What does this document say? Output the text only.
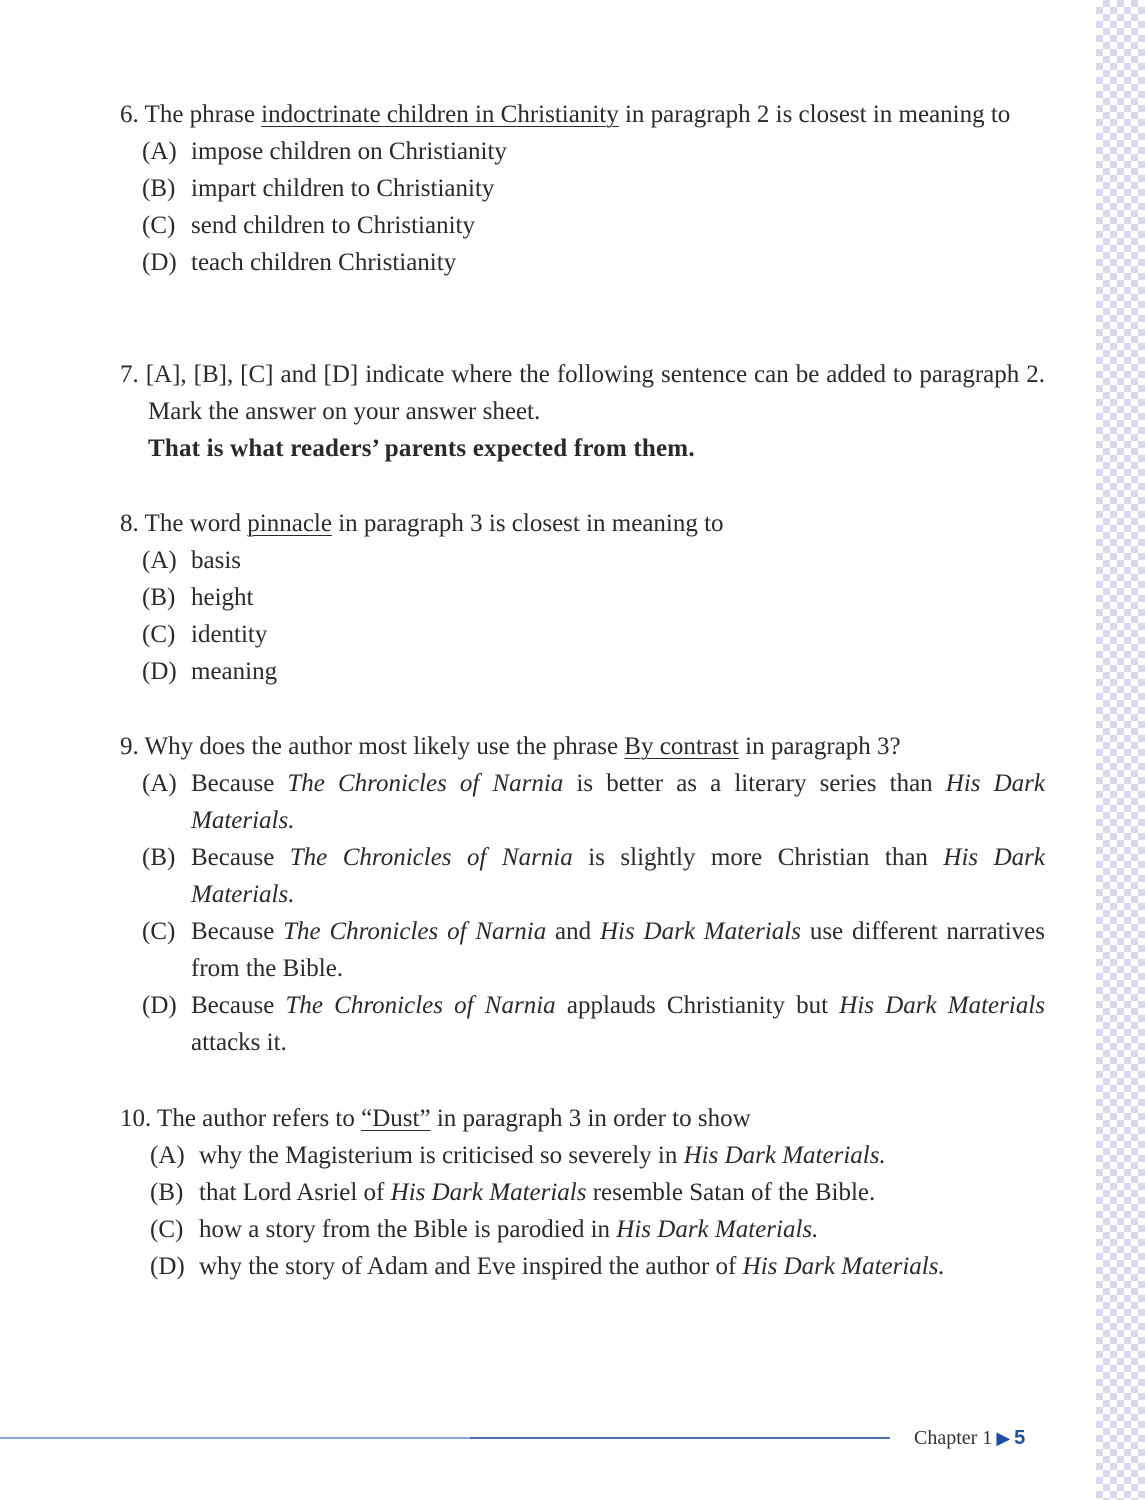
6. The phrase indoctrinate children in Christianity in paragraph 2 is closest in meaning to
(A) impose children on Christianity
(B) impart children to Christianity
(C) send children to Christianity
(D) teach children Christianity
7. [A], [B], [C] and [D] indicate where the following sentence can be added to paragraph 2. Mark the answer on your answer sheet.
That is what readers’ parents expected from them.
8. The word pinnacle in paragraph 3 is closest in meaning to
(A) basis
(B) height
(C) identity
(D) meaning
9. Why does the author most likely use the phrase By contrast in paragraph 3?
(A) Because The Chronicles of Narnia is better as a literary series than His Dark Materials.
(B) Because The Chronicles of Narnia is slightly more Christian than His Dark Materials.
(C) Because The Chronicles of Narnia and His Dark Materials use different narratives from the Bible.
(D) Because The Chronicles of Narnia applauds Christianity but His Dark Materials attacks it.
10. The author refers to “Dust” in paragraph 3 in order to show
(A) why the Magisterium is criticised so severely in His Dark Materials.
(B) that Lord Asriel of His Dark Materials resemble Satan of the Bible.
(C) how a story from the Bible is parodied in His Dark Materials.
(D) why the story of Adam and Eve inspired the author of His Dark Materials.
Chapter 1 ▶ 5
